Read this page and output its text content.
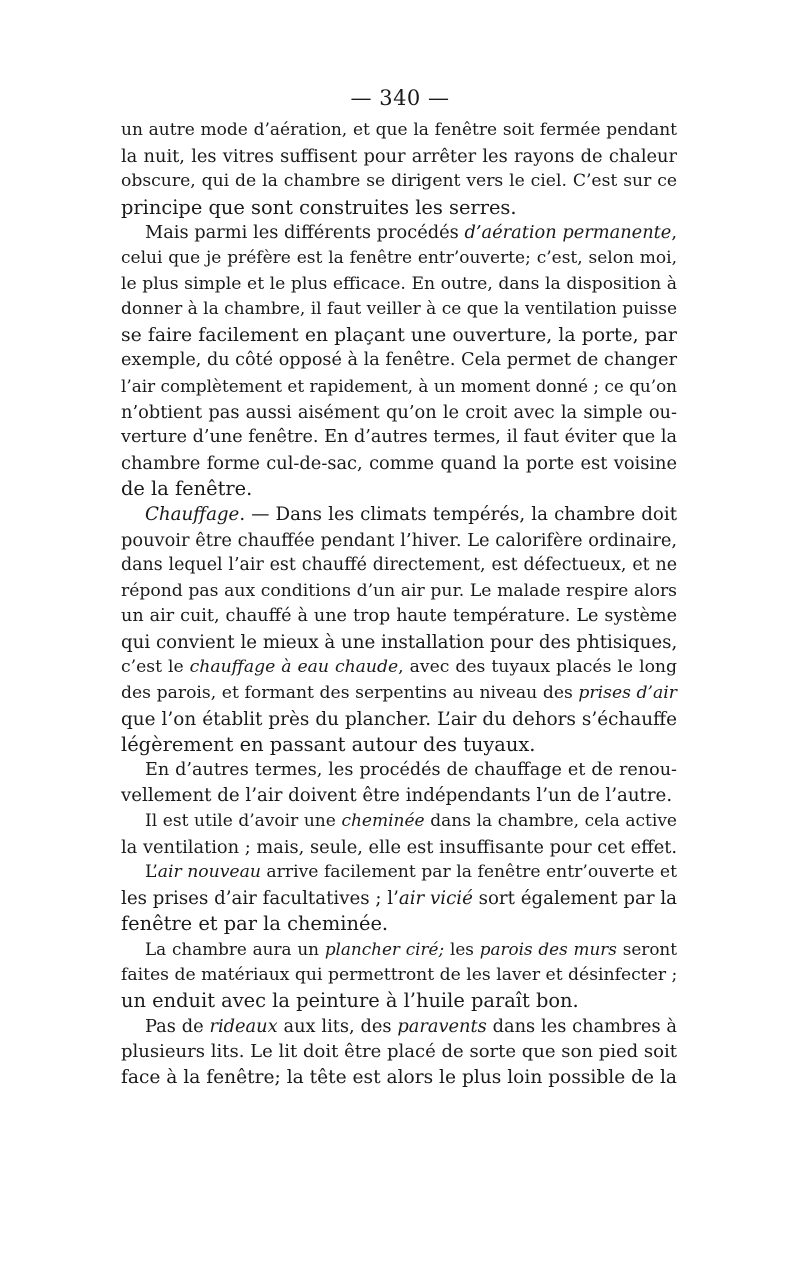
— 340 —
un autre mode d’aération, et que la fenêtre soit fermée pendant
la nuit, les vitres suffisent pour arrêter les rayons de chaleur
obscure, qui de la chambre se dirigent vers le ciel. C’est sur ce
principe que sont construites les serres.
Mais parmi les différents procédés d’aération permanente,
celui que je préfère est la fenêtre entr’ouverte; c’est, selon moi,
le plus simple et le plus efficace. En outre, dans la disposition à
donner à la chambre, il faut veiller à ce que la ventilation puisse
se faire facilement en plaçant une ouverture, la porte, par
exemple, du côté opposé à la fenêtre. Cela permet de changer
l’air complètement et rapidement, à un moment donné ; ce qu’on
n’obtient pas aussi aisément qu’on le croit avec la simple ou-
verture d’une fenêtre. En d’autres termes, il faut éviter que la
chambre forme cul-de-sac, comme quand la porte est voisine
de la fenêtre.
Chauffage. — Dans les climats tempérés, la chambre doit
pouvoir être chauffée pendant l’hiver. Le calorifère ordinaire,
dans lequel l’air est chauffé directement, est défectueux, et ne
répond pas aux conditions d’un air pur. Le malade respire alors
un air cuit, chauffé à une trop haute température. Le système
qui convient le mieux à une installation pour des phtisiques,
c’est le chauffage à eau chaude, avec des tuyaux placés le long
des parois, et formant des serpentins au niveau des prises d’air
que l’on établit près du plancher. L’air du dehors s’échauffe
légèrement en passant autour des tuyaux.
En d’autres termes, les procédés de chauffage et de renou-
vellement de l’air doivent être indépendants l’un de l’autre.
Il est utile d’avoir une cheminée dans la chambre, cela active
la ventilation ; mais, seule, elle est insuffisante pour cet effet.
L’air nouveau arrive facilement par la fenêtre entr’ouverte et
les prises d’air facultatives ; l’air vicié sort également par la
fenêtre et par la cheminée.
La chambre aura un plancher ciré; les parois des murs seront
faites de matériaux qui permettront de les laver et désinfecter ;
un enduit avec la peinture à l’huile paraît bon.
Pas de rideaux aux lits, des paravents dans les chambres à
plusieurs lits. Le lit doit être placé de sorte que son pied soit
face à la fenêtre; la tête est alors le plus loin possible de la
